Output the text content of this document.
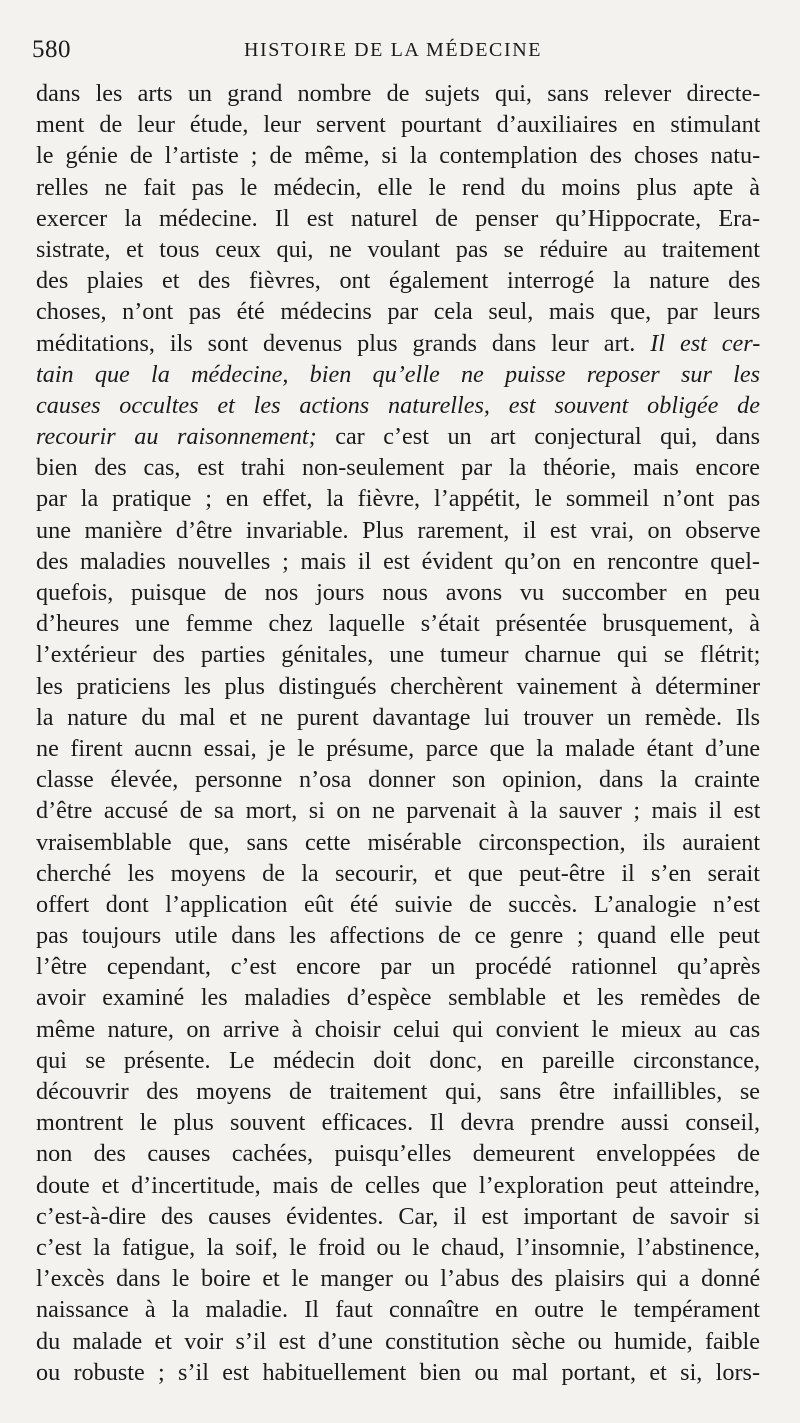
580	HISTOIRE DE LA MÉDECINE
dans les arts un grand nombre de sujets qui, sans relever directe-
ment de leur étude, leur servent pourtant d’auxiliaires en stimulant
le génie de l’artiste ; de même, si la contemplation des choses natu-
relles ne fait pas le médecin, elle le rend du moins plus apte à
exercer la médecine. Il est naturel de penser qu’Hippocrate, Era-
sistrate, et tous ceux qui, ne voulant pas se réduire au traitement
des plaies et des fièvres, ont également interrogé la nature des
choses, n’ont pas été médecins par cela seul, mais que, par leurs
méditations, ils sont devenus plus grands dans leur art. Il est cer-
tain que la médecine, bien qu’elle ne puisse reposer sur les
causes occultes et les actions naturelles, est souvent obligée de
recourir au raisonnement; car c’est un art conjectural qui, dans
bien des cas, est trahi non-seulement par la théorie, mais encore
par la pratique ; en effet, la fièvre, l’appétit, le sommeil n’ont pas
une manière d’être invariable. Plus rarement, il est vrai, on observe
des maladies nouvelles ; mais il est évident qu’on en rencontre quel-
quefois, puisque de nos jours nous avons vu succomber en peu
d’heures une femme chez laquelle s’était présentée brusquement, à
l’extérieur des parties génitales, une tumeur charnue qui se flétrit;
les praticiens les plus distingués cherchèrent vainement à déterminer
la nature du mal et ne purent davantage lui trouver un remède. Ils
ne firent aucnn essai, je le présume, parce que la malade étant d’une
classe élevée, personne n’osa donner son opinion, dans la crainte
d’être accusé de sa mort, si on ne parvenait à la sauver ; mais il est
vraisemblable que, sans cette misérable circonspection, ils auraient
cherché les moyens de la secourir, et que peut-être il s’en serait
offert dont l’application eût été suivie de succès. L’analogie n’est
pas toujours utile dans les affections de ce genre ; quand elle peut
l’être cependant, c’est encore par un procédé rationnel qu’après
avoir examiné les maladies d’espèce semblable et les remèdes de
même nature, on arrive à choisir celui qui convient le mieux au cas
qui se présente. Le médecin doit donc, en pareille circonstance,
découvrir des moyens de traitement qui, sans être infaillibles, se
montrent le plus souvent efficaces. Il devra prendre aussi conseil,
non des causes cachées, puisqu’elles demeurent enveloppées de
doute et d’incertitude, mais de celles que l’exploration peut atteindre,
c’est-à-dire des causes évidentes. Car, il est important de savoir si
c’est la fatigue, la soif, le froid ou le chaud, l’insomnie, l’abstinence,
l’excès dans le boire et le manger ou l’abus des plaisirs qui a donné
naissance à la maladie. Il faut connaître en outre le tempérament
du malade et voir s’il est d’une constitution sèche ou humide, faible
ou robuste ; s’il est habituellement bien ou mal portant, et si, lors-
